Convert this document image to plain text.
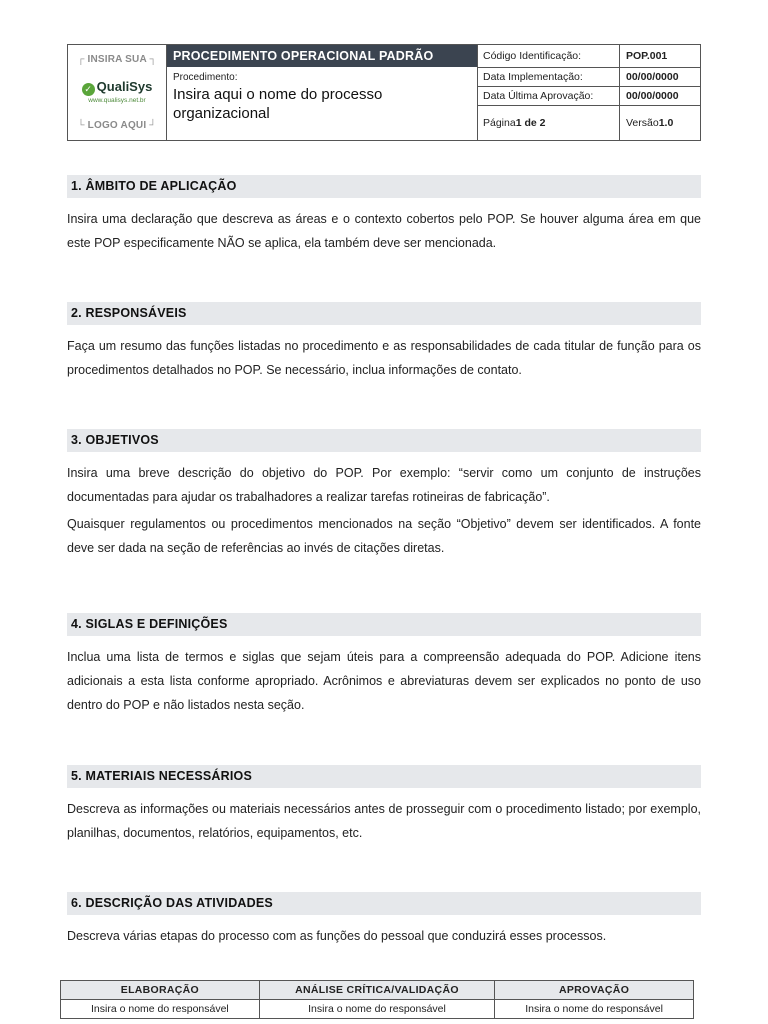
┌ INSIRA SUA ┐
✓ QualiSys
www.qualisys.net.br
└ LOGO AQUI ┘
PROCEDIMENTO OPERACIONAL PADRÃO
Procedimento:
Insira aqui o nome do processo organizacional
Código Identificação:	POP.001
Data Implementação:	00/00/0000
Data Última Aprovação:	00/00/0000
Página 1 de 2	Versão 1.0
1. ÂMBITO DE APLICAÇÃO

Insira uma declaração que descreva as áreas e o contexto cobertos pelo POP. Se houver alguma área em que este POP especificamente NÃO se aplica, ela também deve ser mencionada.

2. RESPONSÁVEIS

Faça um resumo das funções listadas no procedimento e as responsabilidades de cada titular de função para os procedimentos detalhados no POP. Se necessário, inclua informações de contato.

3. OBJETIVOS

Insira uma breve descrição do objetivo do POP. Por exemplo: “servir como um conjunto de instruções documentadas para ajudar os trabalhadores a realizar tarefas rotineiras de fabricação”.

Quaisquer regulamentos ou procedimentos mencionados na seção “Objetivo” devem ser identificados. A fonte deve ser dada na seção de referências ao invés de citações diretas.

4. SIGLAS E DEFINIÇÕES

Inclua uma lista de termos e siglas que sejam úteis para a compreensão adequada do POP. Adicione itens adicionais a esta lista conforme apropriado. Acrônimos e abreviaturas devem ser explicados no ponto de uso dentro do POP e não listados nesta seção.

5. MATERIAIS NECESSÁRIOS

Descreva as informações ou materiais necessários antes de prosseguir com o procedimento listado; por exemplo, planilhas, documentos, relatórios, equipamentos, etc.

6. DESCRIÇÃO DAS ATIVIDADES

Descreva várias etapas do processo com as funções do pessoal que conduzirá esses processos.

ELABORAÇÃO	ANÁLISE CRÍTICA/VALIDAÇÃO	APROVAÇÃO
Insira o nome do responsável	Insira o nome do responsável	Insira o nome do responsável
